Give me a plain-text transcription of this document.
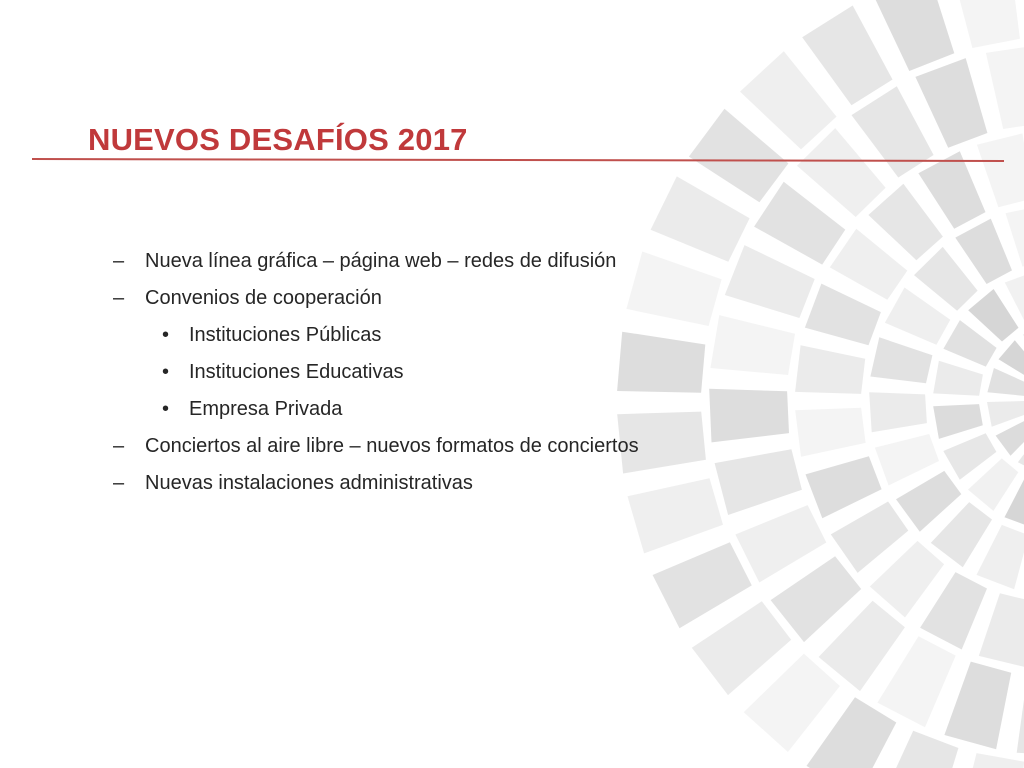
NUEVOS DESAFÍOS 2017
– Nueva línea gráfica – página web – redes de difusión
– Convenios de cooperación
• Instituciones Públicas
• Instituciones Educativas
• Empresa Privada
– Conciertos al aire libre – nuevos formatos de conciertos
– Nuevas instalaciones administrativas
